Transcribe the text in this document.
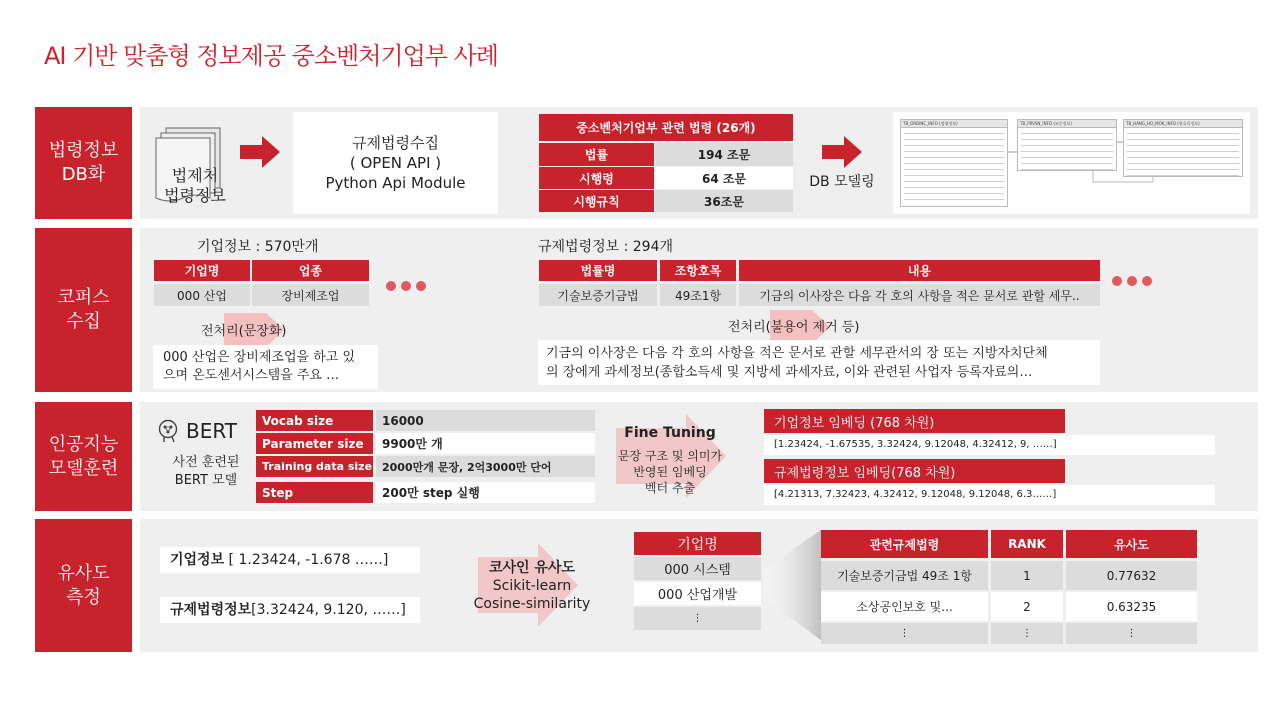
AI 기반 맞춤형 정보제공 중소벤처기업부 사례
법령정보
DB화
코퍼스
수집
인공지능
모델훈련
유사도
측정
법제처
법령정보
규제법령수집
( OPEN API )
Python Api Module
중소벤처기업부 관련 법령 (26개)
법률	194 조문
시행령	64 조문
시행규칙	36조문
DB 모델링
TB_ORDINC_INFO (법령정보)	TB_PRVSN_INFO (조문정보)	TB_HANG_HO_MOK_INFO (항호목정보)
기업정보 : 570만개
기업명	업종
000 산업	장비제조업
전처리(문장화)
000 산업은 장비제조업을 하고 있
으며 온도센서시스템을 주요 …
규제법령정보 : 294개
법률명	조항호목	내용
기술보증기금법	49조1항	기금의 이사장은 다음 각 호의 사항을 적은 문서로 관할 세무..
전처리(불용어 제거 등)
기금의 이사장은 다음 각 호의 사항을 적은 문서로 관할 세무관서의 장 또는 지방자치단체
의 장에게 과세정보(종합소득세 및 지방세 과세자료, 이와 관련된 사업자 등록자료의…
BERT
사전 훈련된
BERT 모델
Vocab size	16000
Parameter size	9900만 개
Training data size 2000만개 문장, 2억3000만 단어
Step	200만 step 실행
Fine Tuning
문장 구조 및 의미가
반영된 임베딩
벡터 추출
기업정보 임베딩 (768 차원)
[1.23424, -1.67535, 3.32424, 9.12048, 4.32412, 9, ……]
규제법령정보 임베딩(768 차원)
[4.21313, 7.32423, 4.32412, 9.12048, 9.12048, 6.3……]
기업정보 [ 1.23424, -1.678 ……]
규제법령정보[3.32424, 9.120, ……]
코사인 유사도
Scikit-learn
Cosine-similarity
기업명
000 시스템
000 산업개발
⋮
관련규제법령	RANK	유사도
기술보증기금법 49조 1항	1	0.77632
소상공인보호 및...	2	0.63235
⋮	⋮	⋮
